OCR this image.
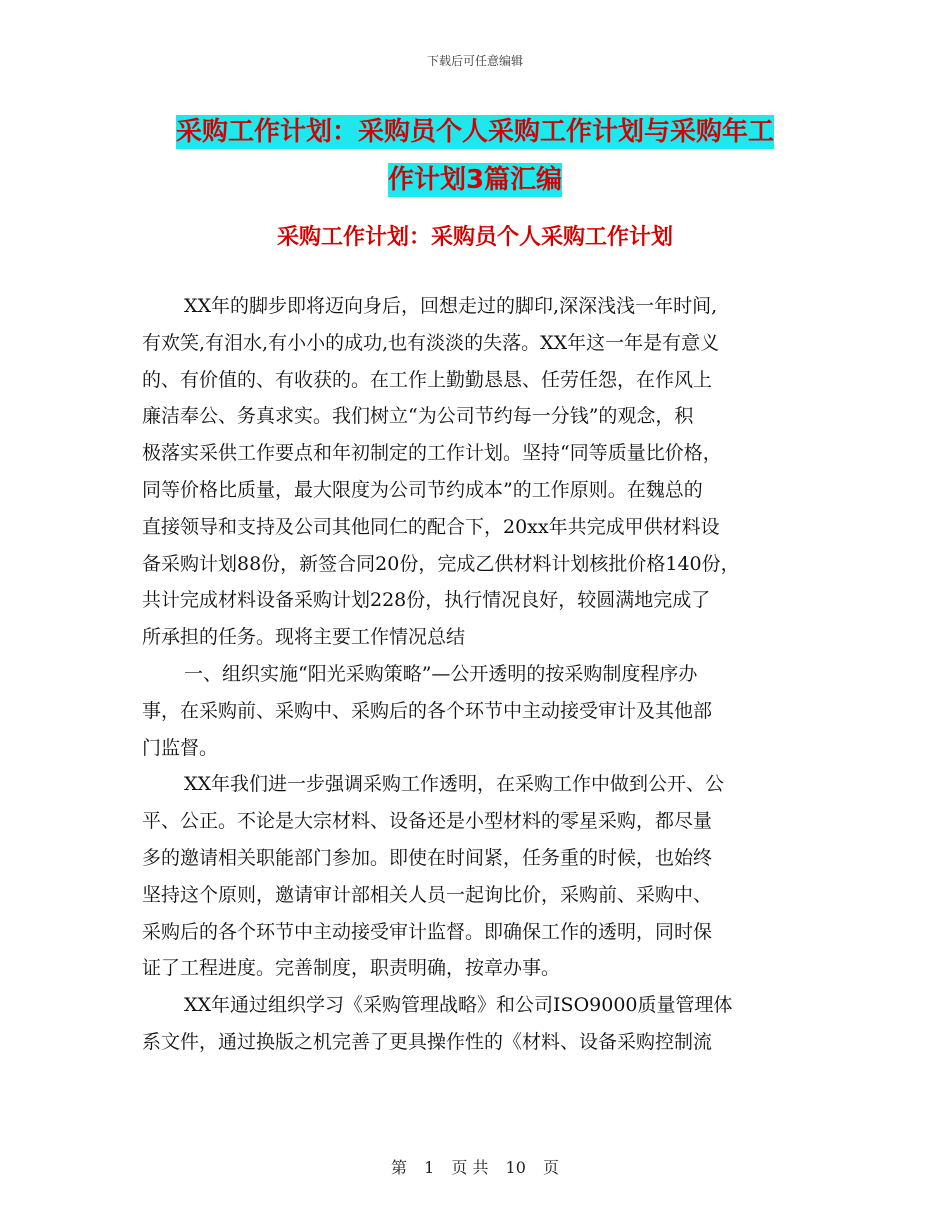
下载后可任意编辑
采购工作计划：采购员个人采购工作计划与采购年工
作计划3篇汇编
采购工作计划：采购员个人采购工作计划

XX年的脚步即将迈向身后，回想走过的脚印,深深浅浅一年时间,
有欢笑,有泪水,有小小的成功,也有淡淡的失落。XX年这一年是有意义
的、有价值的、有收获的。在工作上勤勤恳恳、任劳任怨，在作风上
廉洁奉公、务真求实。我们树立“为公司节约每一分钱”的观念，积
极落实采供工作要点和年初制定的工作计划。坚持“同等质量比价格，
同等价格比质量，最大限度为公司节约成本”的工作原则。在魏总的
直接领导和支持及公司其他同仁的配合下，20xx年共完成甲供材料设
备采购计划88份，新签合同20份，完成乙供材料计划核批价格140份，
共计完成材料设备采购计划228份，执行情况良好，较圆满地完成了
所承担的任务。现将主要工作情况总结

一、组织实施“阳光采购策略”—公开透明的按采购制度程序办
事，在采购前、采购中、采购后的各个环节中主动接受审计及其他部
门监督。

XX年我们进一步强调采购工作透明，在采购工作中做到公开、公
平、公正。不论是大宗材料、设备还是小型材料的零星采购，都尽量
多的邀请相关职能部门参加。即使在时间紧，任务重的时候，也始终
坚持这个原则，邀请审计部相关人员一起询比价，采购前、采购中、
采购后的各个环节中主动接受审计监督。即确保工作的透明，同时保
证了工程进度。完善制度，职责明确，按章办事。

XX年通过组织学习《采购管理战略》和公司ISO9000质量管理体
系文件，通过换版之机完善了更具操作性的《材料、设备采购控制流

第 1 页 共 10 页
